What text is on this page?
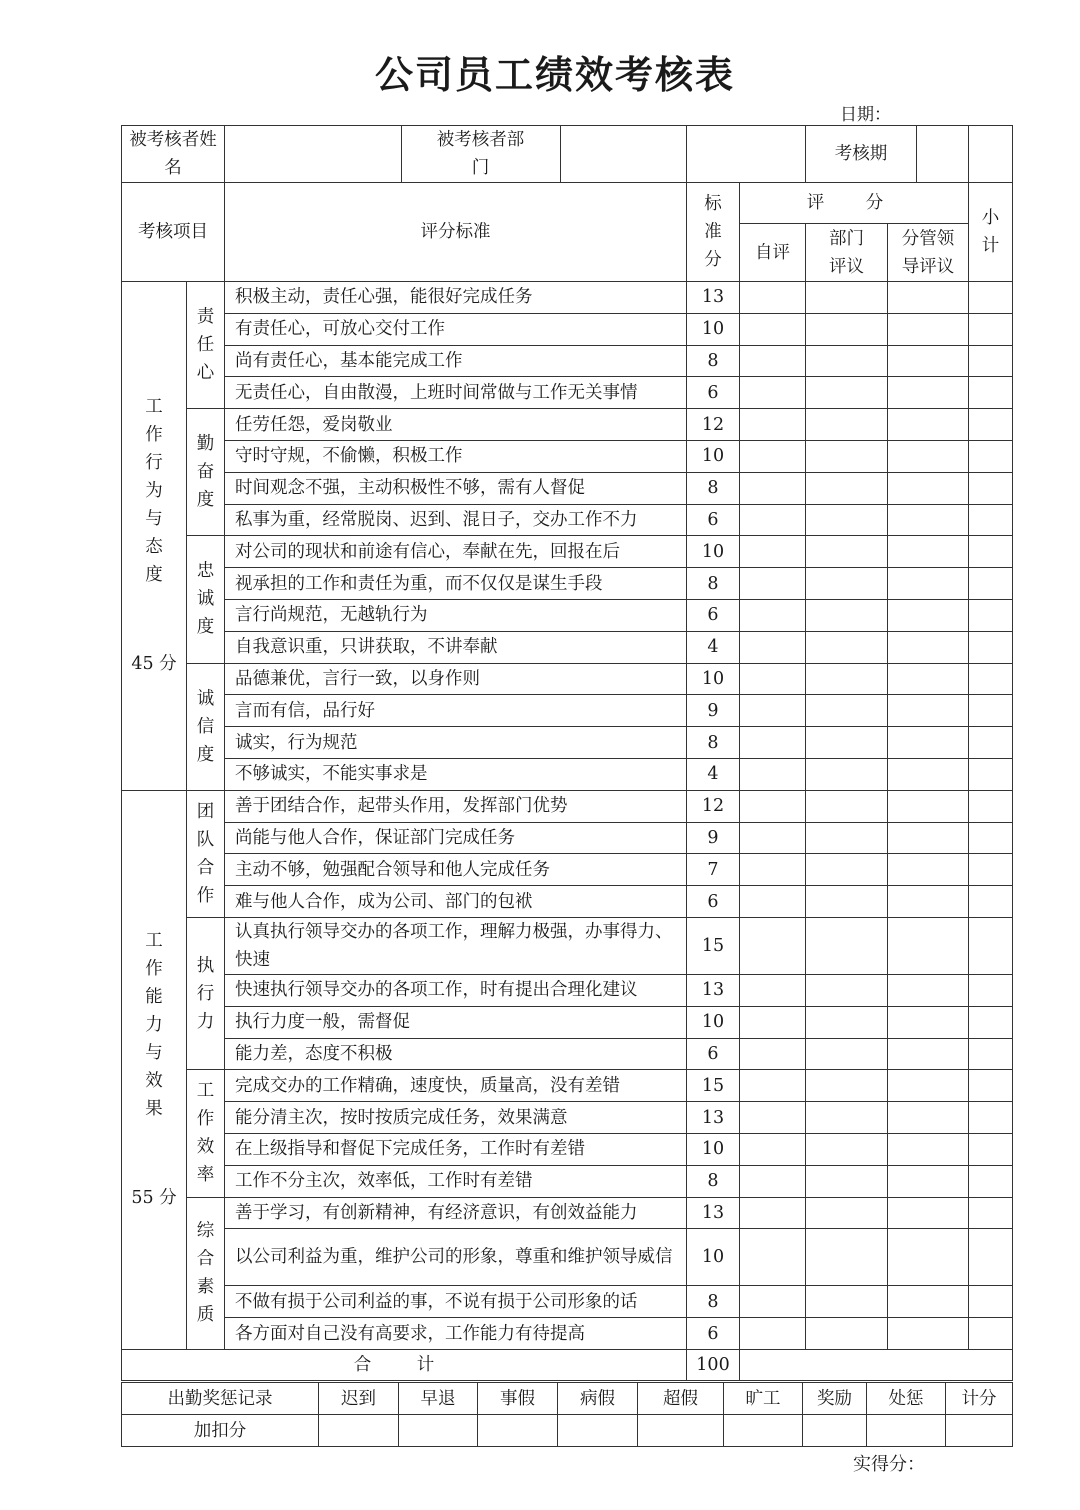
公司员工绩效考核表
日期：
被考核者姓名		被考核者部门			考核期		

考核项目		评分标准	标准分	评 分			小计
				自评	部门评议	分管领导评议	
工作行为与态度
45 分	责任心	积极主动，责任心强，能很好完成任务	13				
		有责任心，可放心交付工作	10				
		尚有责任心，基本能完成工作	8				
		无责任心，自由散漫，上班时间常做与工作无关事情	6				
	勤奋度	任劳任怨，爱岗敬业	12				
		守时守规，不偷懒，积极工作	10				
		时间观念不强，主动积极性不够，需有人督促	8				
		私事为重，经常脱岗、迟到、混日子，交办工作不力	6				
	忠诚度	对公司的现状和前途有信心，奉献在先，回报在后	10				
		视承担的工作和责任为重，而不仅仅是谋生手段	8				
		言行尚规范，无越轨行为	6				
		自我意识重，只讲获取，不讲奉献	4				
	诚信度	品德兼优，言行一致，以身作则	10				
		言而有信，品行好	9				
		诚实，行为规范	8				
		不够诚实，不能实事求是	4				
工作能力与效果
55 分	团队合作	善于团结合作，起带头作用，发挥部门优势	12				
		尚能与他人合作，保证部门完成任务	9				
		主动不够，勉强配合领导和他人完成任务	7				
		难与他人合作，成为公司、部门的包袱	6				
	执行力	认真执行领导交办的各项工作，理解力极强，办事得力、快速	15				
		快速执行领导交办的各项工作，时有提出合理化建议	13				
		执行力度一般，需督促	10				
		能力差，态度不积极	6				
	工作效率	完成交办的工作精确，速度快，质量高，没有差错	15				
		能分清主次，按时按质完成任务，效果满意	13				
		在上级指导和督促下完成任务，工作时有差错	10				
		工作不分主次，效率低，工作时有差错	8				
	综合素质	善于学习，有创新精神，有经济意识，有创效益能力	13				
		以公司利益为重，维护公司的形象，尊重和维护领导威信	10				
		不做有损于公司利益的事，不说有损于公司形象的话	8				
		各方面对自己没有高要求，工作能力有待提高	6				
合 计			100				
出勤奖惩记录	迟到	早退	事假	病假	超假	旷工	奖励	处惩	计分
加扣分									
实得分：
